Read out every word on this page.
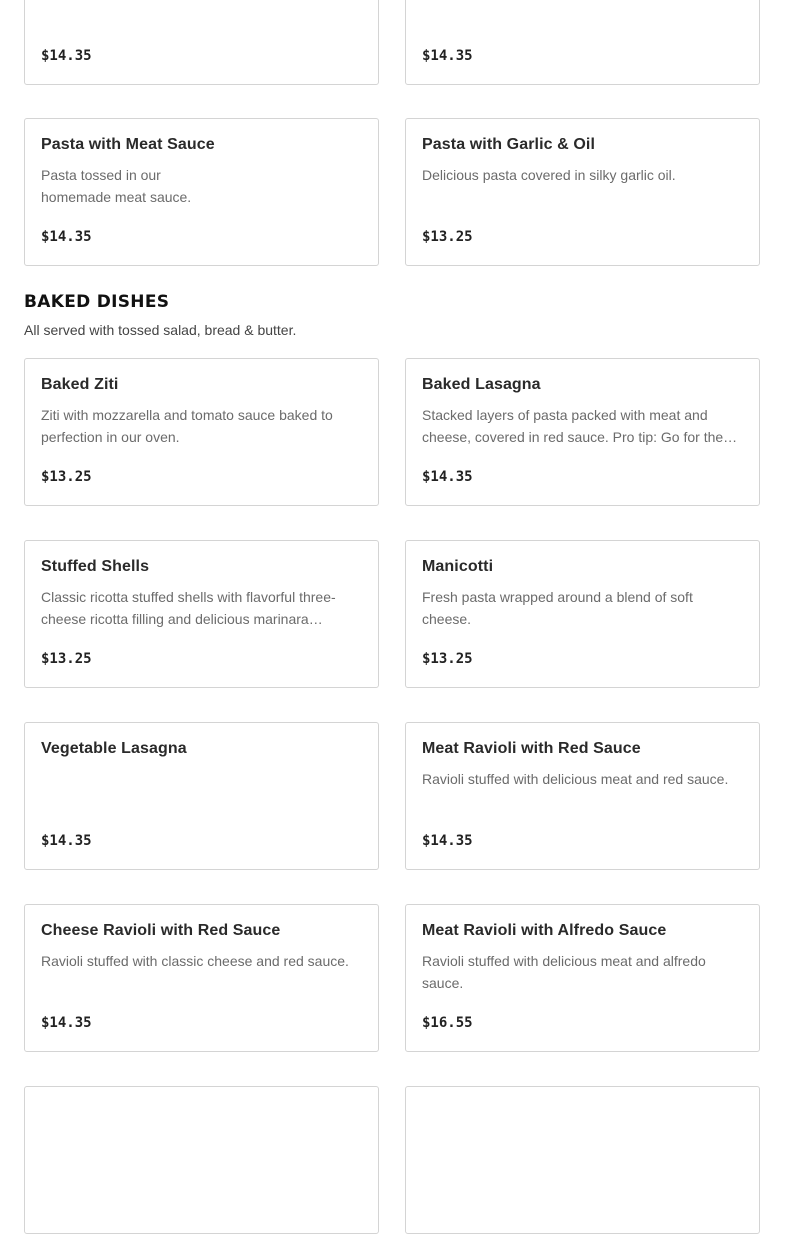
$14.35	$14.35
Pasta with Meat Sauce
Pasta tossed in our homemade meat sauce.
$14.35
Pasta with Garlic & Oil
Delicious pasta covered in silky garlic oil.
$13.25
BAKED DISHES
All served with tossed salad, bread & butter.
Baked Ziti
Ziti with mozzarella and tomato sauce baked to perfection in our oven.
$13.25
Baked Lasagna
Stacked layers of pasta packed with meat and cheese, covered in red sauce. Pro tip: Go for the…
$14.35
Stuffed Shells
Classic ricotta stuffed shells with flavorful three-cheese ricotta filling and delicious marinara…
$13.25
Manicotti
Fresh pasta wrapped around a blend of soft cheese.
$13.25
Vegetable Lasagna
$14.35
Meat Ravioli with Red Sauce
Ravioli stuffed with delicious meat and red sauce.
$14.35
Cheese Ravioli with Red Sauce
Ravioli stuffed with classic cheese and red sauce.
$14.35
Meat Ravioli with Alfredo Sauce
Ravioli stuffed with delicious meat and alfredo sauce.
$16.55
